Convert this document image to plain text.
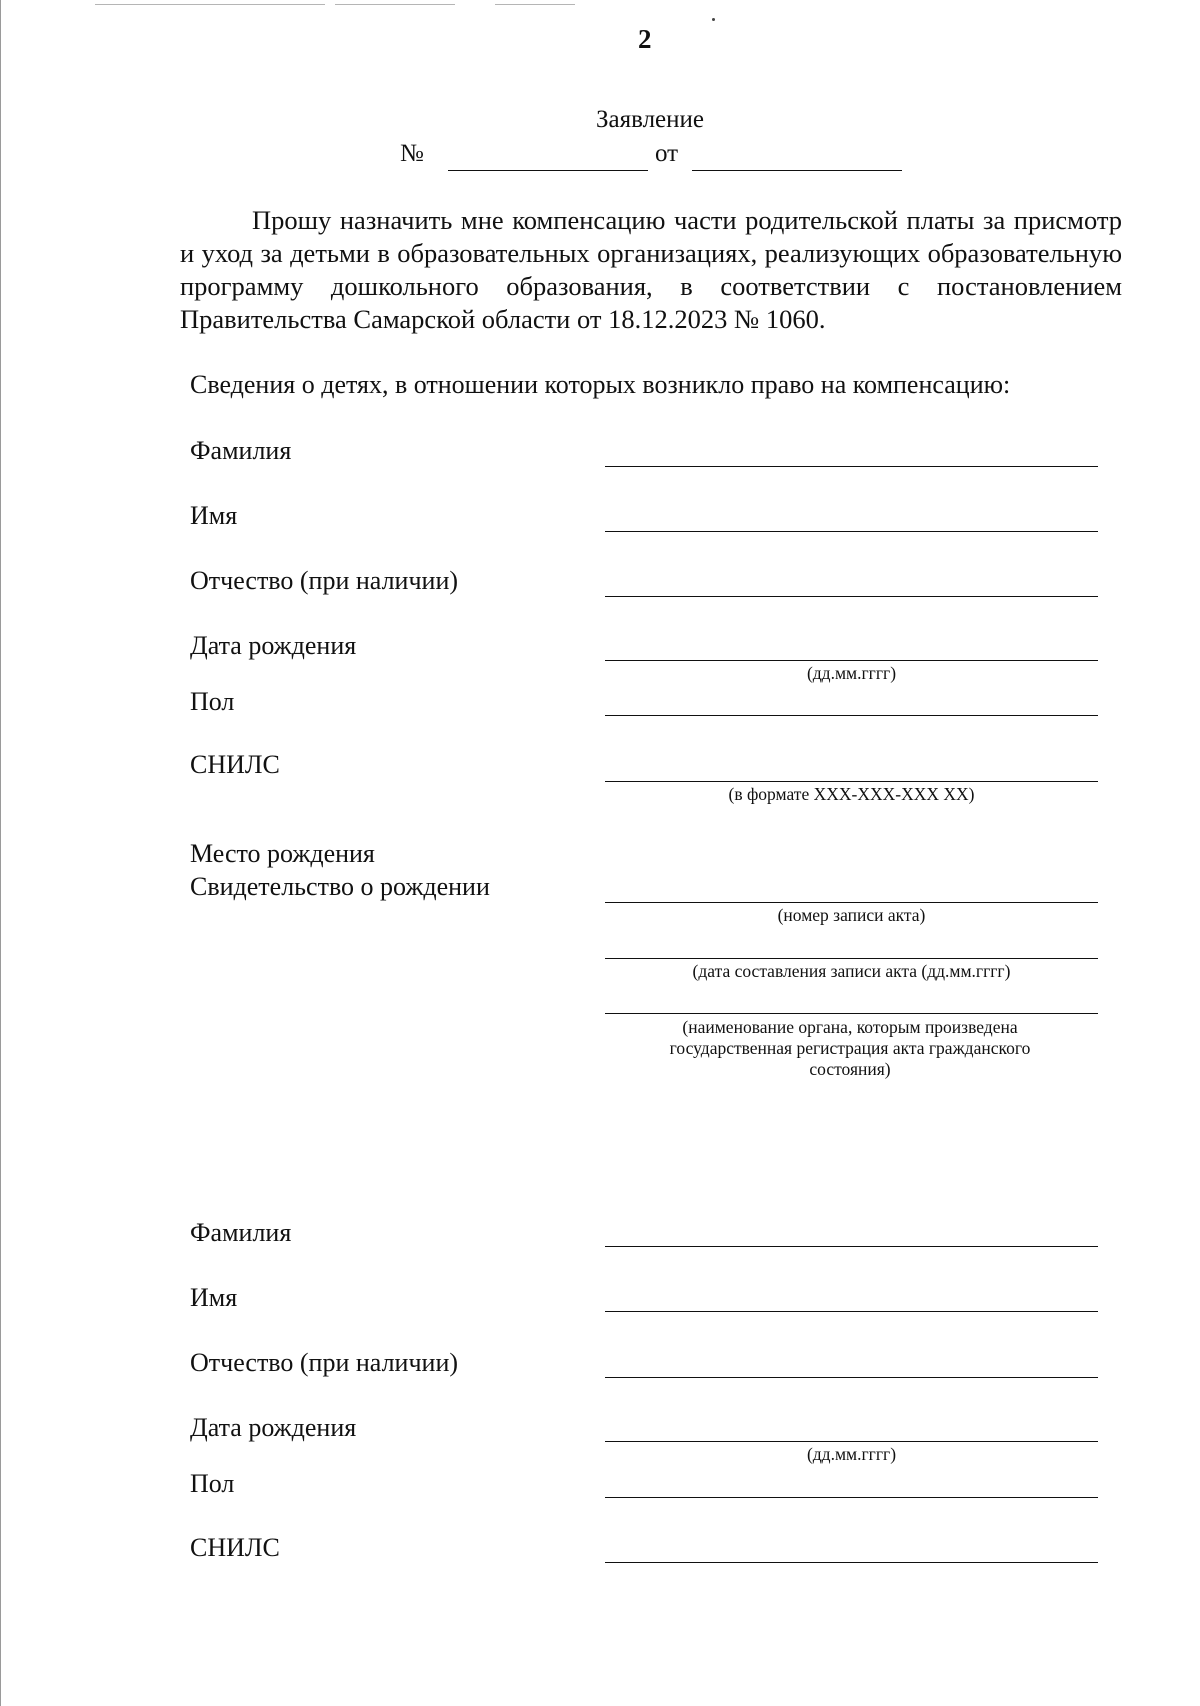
2
Заявление
№	от
Прошу назначить мне компенсацию части родительской платы за присмотр и уход за детьми в образовательных организациях, реализующих образовательную программу дошкольного образования, в соответствии с постановлением Правительства Самарской области от 18.12.2023 № 1060.
Сведения о детях, в отношении которых возникло право на компенсацию:
Фамилия
Имя
Отчество (при наличии)
Дата рождения
(дд.мм.гггг)
Пол
СНИЛС
(в формате XXX-XXX-XXX XX)
Место рождения
Свидетельство о рождении
(номер записи акта)
(дата составления записи акта (дд.мм.гггг)
(наименование органа, которым произведена государственная регистрация акта гражданского состояния)
Фамилия
Имя
Отчество (при наличии)
Дата рождения
(дд.мм.гггг)
Пол
СНИЛС
